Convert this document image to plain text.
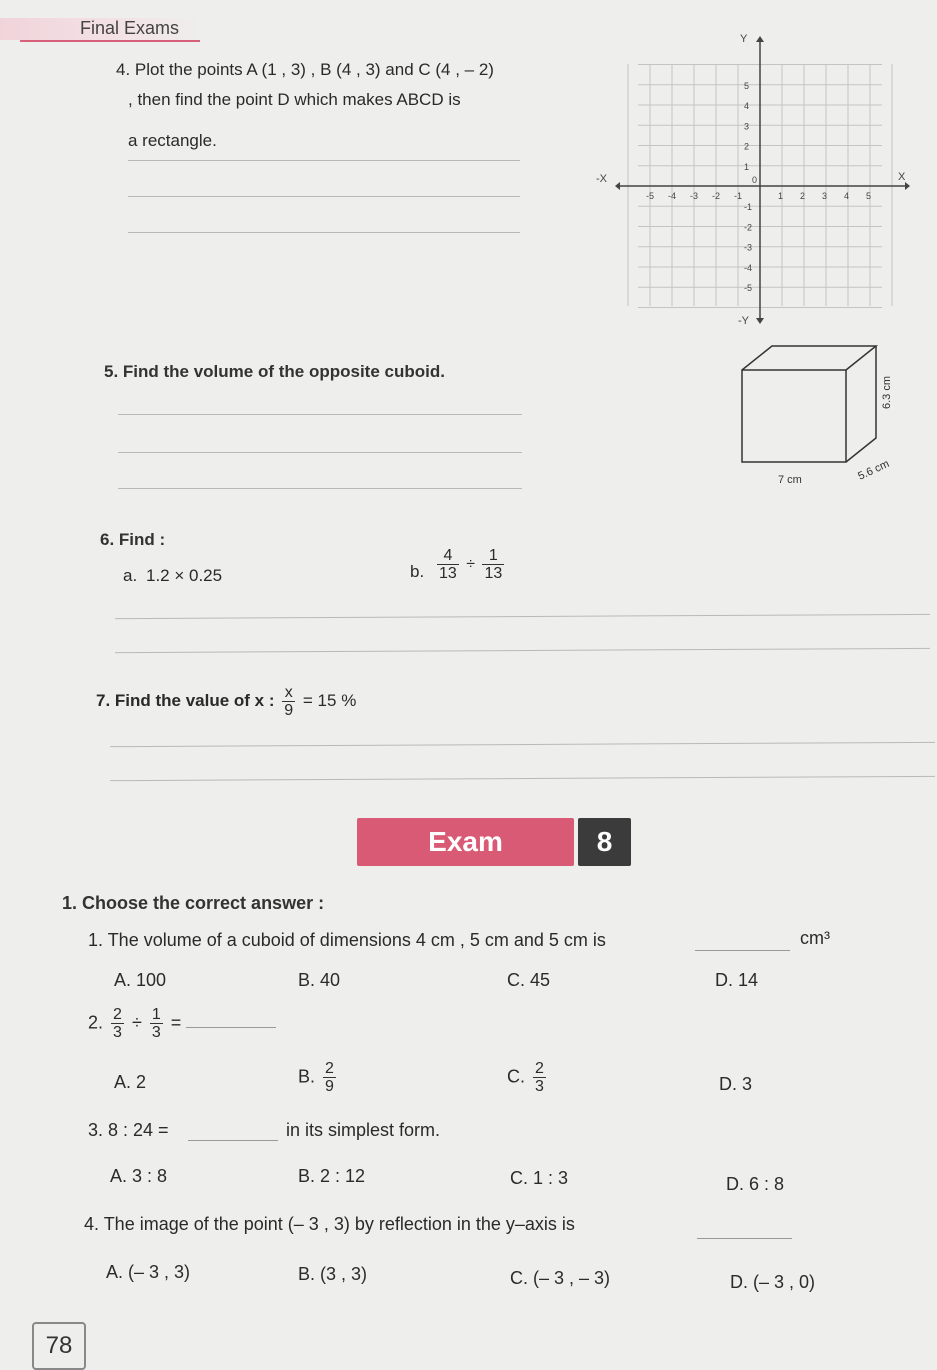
Final Exams
4. Plot the points A (1 , 3) , B (4 , 3) and C (4 , – 2)
, then find the point D which makes ABCD is
a rectangle.
X
-X
Y
-Y
0
-5 -4 -3 -2 -1	1 2 3 4 5
5
4
3
2
1
-1
-2
-3
-4
-5
5. Find the volume of the opposite cuboid.
7 cm	5.6 cm
6.3 cm
6. Find :
a. 1.2 × 0.25	b. $\frac{4}{13} \div \frac{1}{13}$
7. Find the value of x : $\frac{x}{9} = 15$ %
Exam	8
1. Choose the correct answer :
1. The volume of a cuboid of dimensions 4 cm , 5 cm and 5 cm is	cm³
A. 100	B. 40	C. 45	D. 14
2. $\frac{2}{3} \div \frac{1}{3}$ =
A. 2	B. $\frac{2}{9}$	C. $\frac{2}{3}$	D. 3
3. 8 : 24 =	in its simplest form.
A. 3 : 8	B. 2 : 12	C. 1 : 3	D. 6 : 8
4. The image of the point (– 3 , 3) by reflection in the y–axis is
A. (– 3 , 3)	B. (3 , 3)	C. (– 3 , – 3)	D. (– 3 , 0)
78
